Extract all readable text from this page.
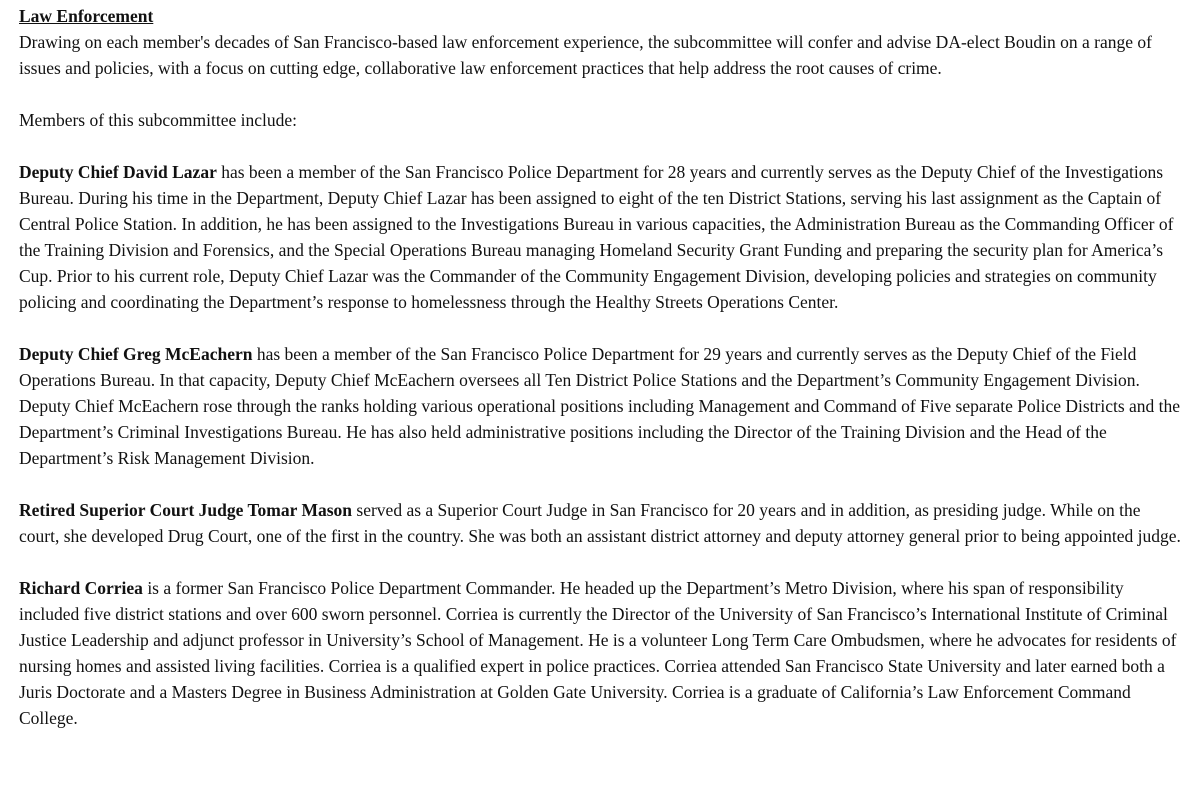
Law Enforcement

Drawing on each member's decades of San Francisco-based law enforcement experience, the subcommittee will confer and advise DA-elect Boudin on a range of issues and policies, with a focus on cutting edge, collaborative law enforcement practices that help address the root causes of crime.

Members of this subcommittee include:

Deputy Chief David Lazar has been a member of the San Francisco Police Department for 28 years and currently serves as the Deputy Chief of the Investigations Bureau. During his time in the Department, Deputy Chief Lazar has been assigned to eight of the ten District Stations, serving his last assignment as the Captain of Central Police Station. In addition, he has been assigned to the Investigations Bureau in various capacities, the Administration Bureau as the Commanding Officer of the Training Division and Forensics, and the Special Operations Bureau managing Homeland Security Grant Funding and preparing the security plan for America’s Cup. Prior to his current role, Deputy Chief Lazar was the Commander of the Community Engagement Division, developing policies and strategies on community policing and coordinating the Department’s response to homelessness through the Healthy Streets Operations Center.

Deputy Chief Greg McEachern has been a member of the San Francisco Police Department for 29 years and currently serves as the Deputy Chief of the Field Operations Bureau. In that capacity, Deputy Chief McEachern oversees all Ten District Police Stations and the Department’s Community Engagement Division. Deputy Chief McEachern rose through the ranks holding various operational positions including Management and Command of Five separate Police Districts and the Department’s Criminal Investigations Bureau. He has also held administrative positions including the Director of the Training Division and the Head of the Department’s Risk Management Division.

Retired Superior Court Judge Tomar Mason served as a Superior Court Judge in San Francisco for 20 years and in addition, as presiding judge. While on the court, she developed Drug Court, one of the first in the country. She was both an assistant district attorney and deputy attorney general prior to being appointed judge.

Richard Corriea is a former San Francisco Police Department Commander. He headed up the Department’s Metro Division, where his span of responsibility included five district stations and over 600 sworn personnel. Corriea is currently the Director of the University of San Francisco’s International Institute of Criminal Justice Leadership and adjunct professor in University’s School of Management. He is a volunteer Long Term Care Ombudsmen, where he advocates for residents of nursing homes and assisted living facilities. Corriea is a qualified expert in police practices. Corriea attended San Francisco State University and later earned both a Juris Doctorate and a Masters Degree in Business Administration at Golden Gate University. Corriea is a graduate of California’s Law Enforcement Command College.
